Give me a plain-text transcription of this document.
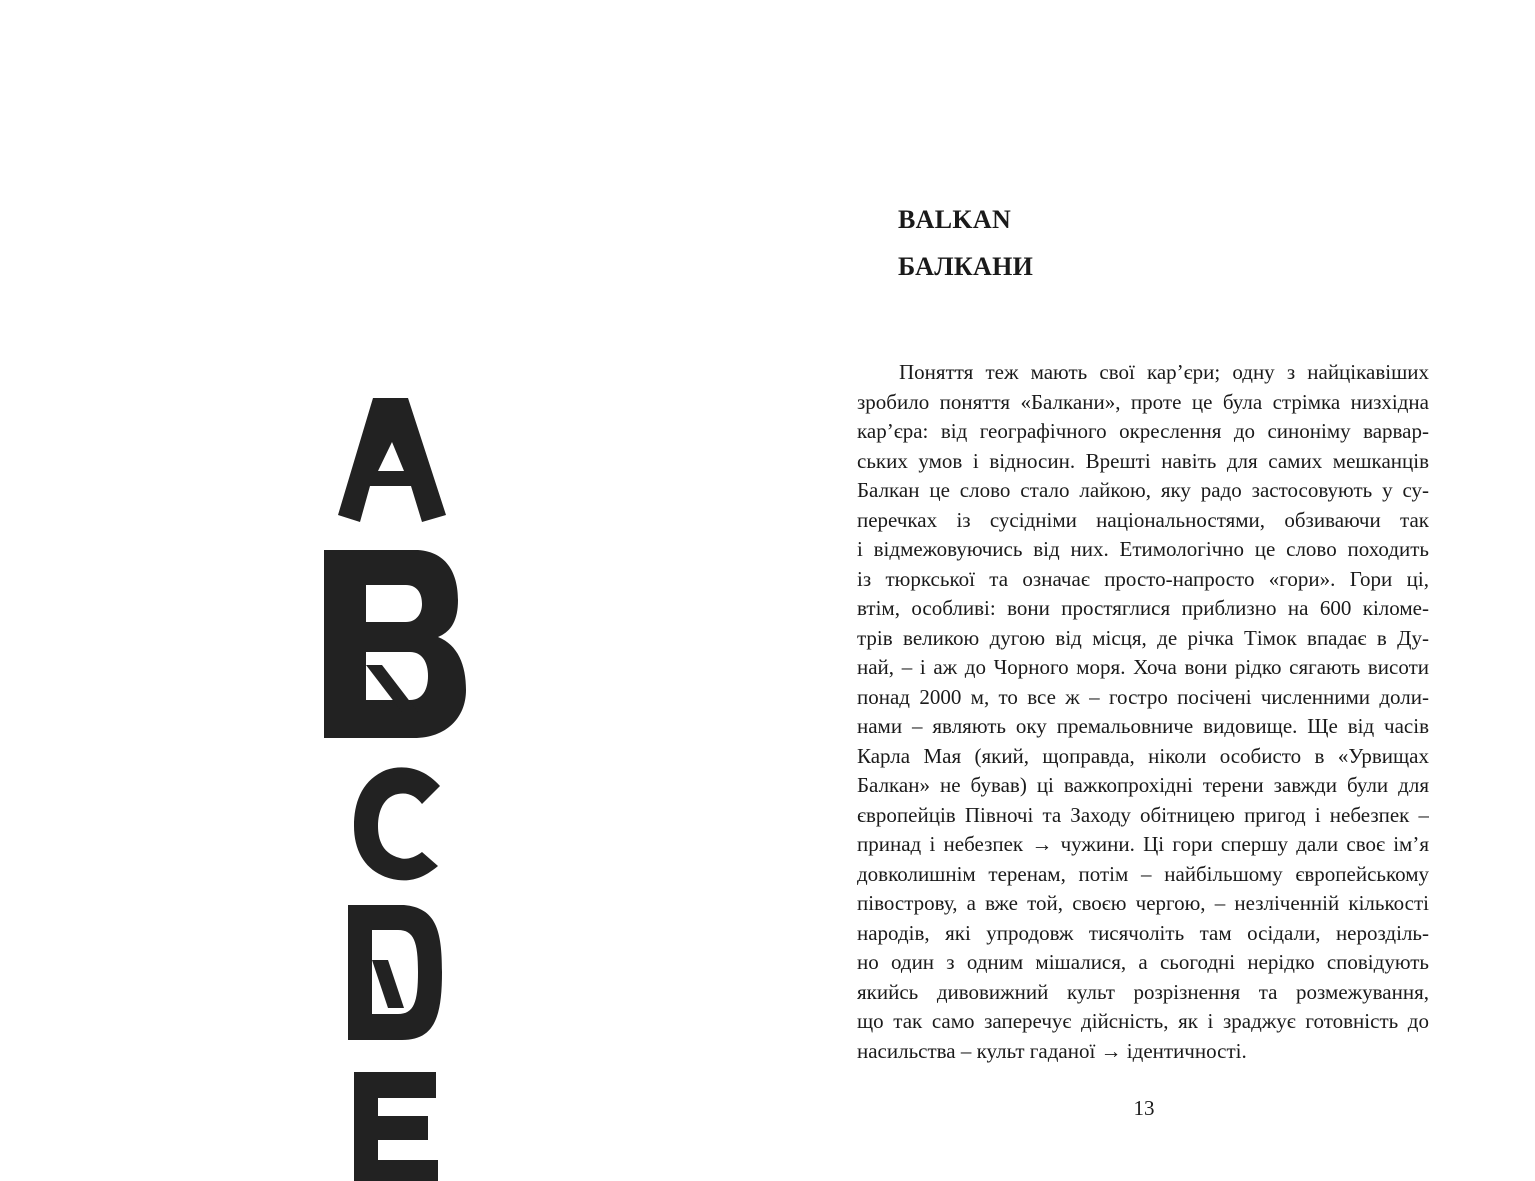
BALKAN
БАЛКАНИ
Поняття теж мають свої кар’єри; одну з найцікавіших
зробило поняття «Балкани», проте це була стрімка низхідна
кар’єра: від географічного окреслення до синоніму варвар-
ських умов і відносин. Врешті навіть для самих мешканців
Балкан це слово стало лайкою, яку радо застосовують у су-
перечках із сусідніми національностями, обзиваючи так
і відмежовуючись від них. Етимологічно це слово походить
із тюркської та означає просто-напросто «гори». Гори ці,
втім, особливі: вони простяглися приблизно на 600 кіломе-
трів великою дугою від місця, де річка Тімок впадає в Ду-
най, – і аж до Чорного моря. Хоча вони рідко сягають висоти
понад 2000 м, то все ж – гостро посічені численними доли-
нами – являють оку премальовниче видовище. Ще від часів
Карла Мая (який, щоправда, ніколи особисто в «Урвищах
Балкан» не бував) ці важкопрохідні терени завжди були для
європейців Півночі та Заходу обітницею пригод і небезпек –
принад і небезпек → чужини. Ці гори спершу дали своє ім’я
довколишнім теренам, потім – найбільшому європейському
півострову, а вже той, своєю чергою, – незліченній кількості
народів, які упродовж тисячоліть там осідали, нерозділь-
но один з одним мішалися, а сьогодні нерідко сповідують
якийсь дивовижний культ розрізнення та розмежування,
що так само заперечує дійсність, як і зраджує готовність до
насильства – культ гаданої → ідентичності.

13
